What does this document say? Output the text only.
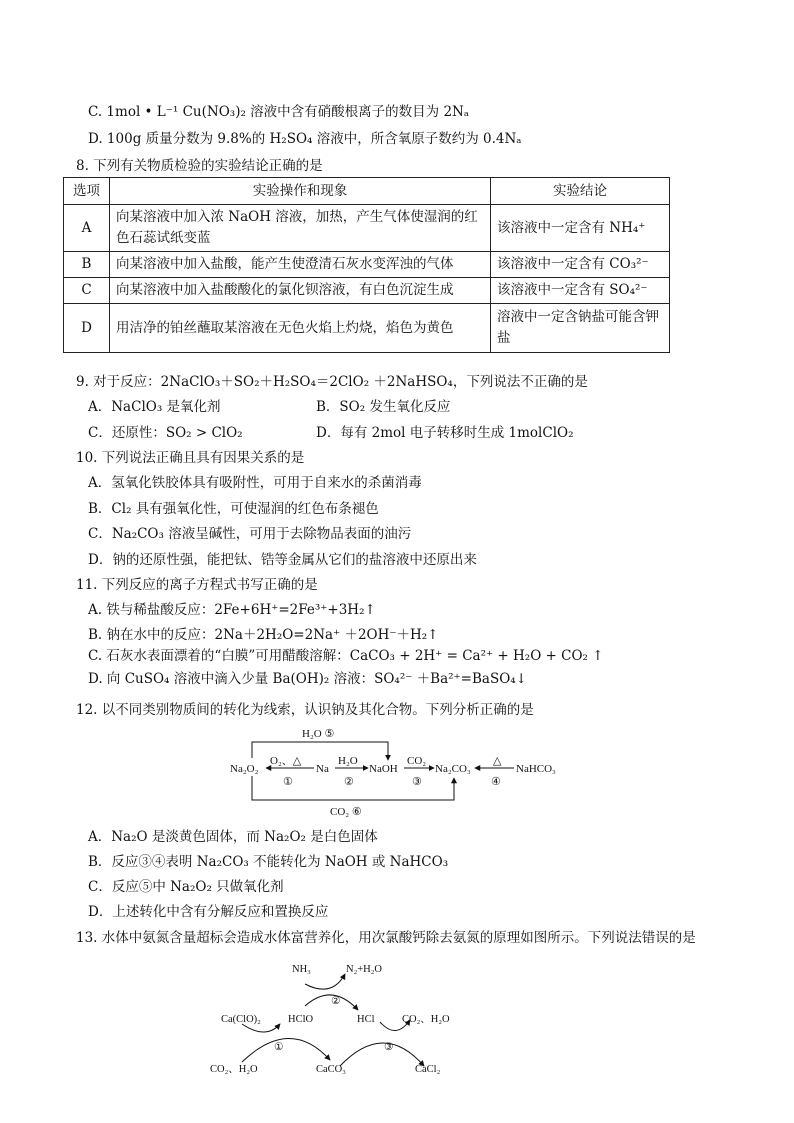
C. 1mol • L⁻¹ Cu(NO₃)₂ 溶液中含有硝酸根离子的数目为 2Nₐ
D. 100g 质量分数为 9.8%的 H₂SO₄ 溶液中，所含氧原子数约为 0.4Nₐ
8. 下列有关物质检验的实验结论正确的是
选项	实验操作和现象	实验结论
A	向某溶液中加入浓 NaOH 溶液，加热，产生气体使湿润的红色石蕊试纸变蓝	该溶液中一定含有 NH₄⁺
B	向某溶液中加入盐酸，能产生使澄清石灰水变浑浊的气体	该溶液中一定含有 CO₃²⁻
C	向某溶液中加入盐酸酸化的氯化钡溶液，有白色沉淀生成	该溶液中一定含有 SO₄²⁻
D	用洁净的铂丝蘸取某溶液在无色火焰上灼烧，焰色为黄色	溶液中一定含钠盐可能含钾盐
9. 对于反应：2NaClO₃＋SO₂＋H₂SO₄＝2ClO₂ ＋2NaHSO₄，下列说法不正确的是
A．NaClO₃ 是氧化剂	B．SO₂ 发生氧化反应
C．还原性：SO₂ > ClO₂	D．每有 2mol 电子转移时生成 1molClO₂
10. 下列说法正确且具有因果关系的是
A．氢氧化铁胶体具有吸附性，可用于自来水的杀菌消毒
B．Cl₂ 具有强氧化性，可使湿润的红色布条褪色
C．Na₂CO₃ 溶液呈碱性，可用于去除物品表面的油污
D．钠的还原性强，能把钛、锆等金属从它们的盐溶液中还原出来
11. 下列反应的离子方程式书写正确的是
A. 铁与稀盐酸反应：2Fe+6H⁺=2Fe³⁺+3H₂↑
B. 钠在水中的反应：2Na＋2H₂O=2Na⁺ ＋2OH⁻＋H₂↑
C. 石灰水表面漂着的“白膜”可用醋酸溶解：CaCO₃ + 2H⁺ = Ca²⁺ + H₂O + CO₂ ↑
D. 向 CuSO₄ 溶液中滴入少量 Ba(OH)₂ 溶液：SO₄²⁻ ＋Ba²⁺=BaSO₄↓
12. 以不同类别物质间的转化为线索，认识钠及其化合物。下列分析正确的是
Na₂O₂	Na	NaOH	Na₂CO₃	NaHCO₃
H₂O ⑤
O₂、△
①
H₂O
②
CO₂
③
△
④
CO₂ ⑥
A．Na₂O 是淡黄色固体，而 Na₂O₂ 是白色固体
B．反应③④表明 Na₂CO₃ 不能转化为 NaOH 或 NaHCO₃
C．反应⑤中 Na₂O₂ 只做氧化剂
D．上述转化中含有分解反应和置换反应
13. 水体中氨氮含量超标会造成水体富营养化，用次氯酸钙除去氨氮的原理如图所示。下列说法错误的是
NH₃	N₂+H₂O
②
Ca(ClO)₂	HClO	HCl	CO₂、H₂O
①	③
CO₂、H₂O	CaCO₃	CaCl₂
